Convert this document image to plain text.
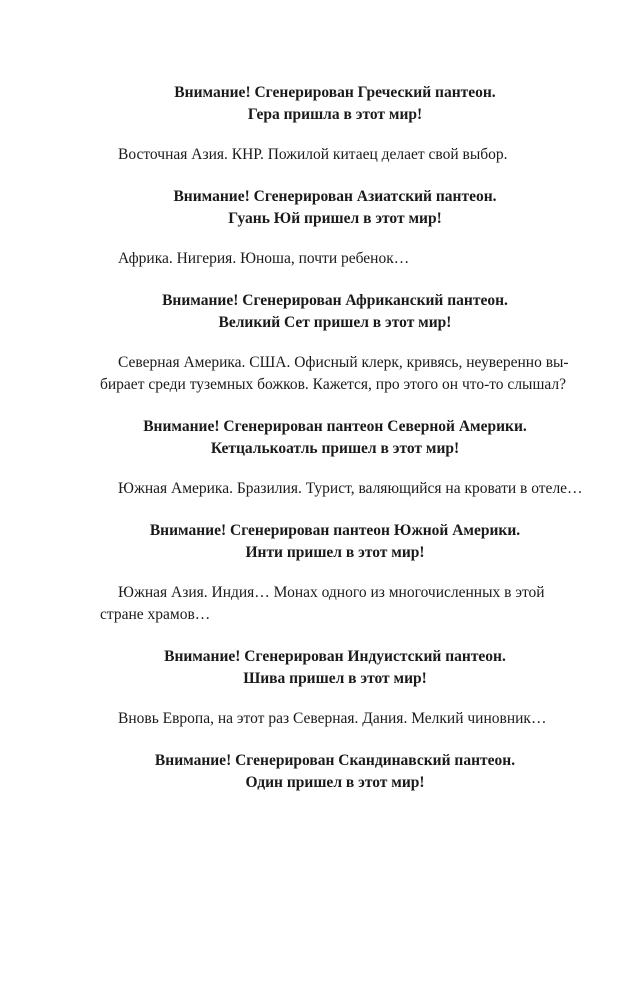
Внимание! Сгенерирован Греческий пантеон.
Гера пришла в этот мир!

Восточная Азия. КНР. Пожилой китаец делает свой выбор.

Внимание! Сгенерирован Азиатский пантеон.
Гуань Юй пришел в этот мир!

Африка. Нигерия. Юноша, почти ребенок…

Внимание! Сгенерирован Африканский пантеон.
Великий Сет пришел в этот мир!

Северная Америка. США. Офисный клерк, кривясь, неуверенно вы-
бирает среди туземных божков. Кажется, про этого он что-то слышал?

Внимание! Сгенерирован пантеон Северной Америки.
Кетцалькоатль пришел в этот мир!

Южная Америка. Бразилия. Турист, валяющийся на кровати в отеле…

Внимание! Сгенерирован пантеон Южной Америки.
Инти пришел в этот мир!

Южная Азия. Индия… Монах одного из многочисленных в этой
стране храмов…

Внимание! Сгенерирован Индуистский пантеон.
Шива пришел в этот мир!

Вновь Европа, на этот раз Северная. Дания. Мелкий чиновник…

Внимание! Сгенерирован Скандинавский пантеон.
Один пришел в этот мир!
